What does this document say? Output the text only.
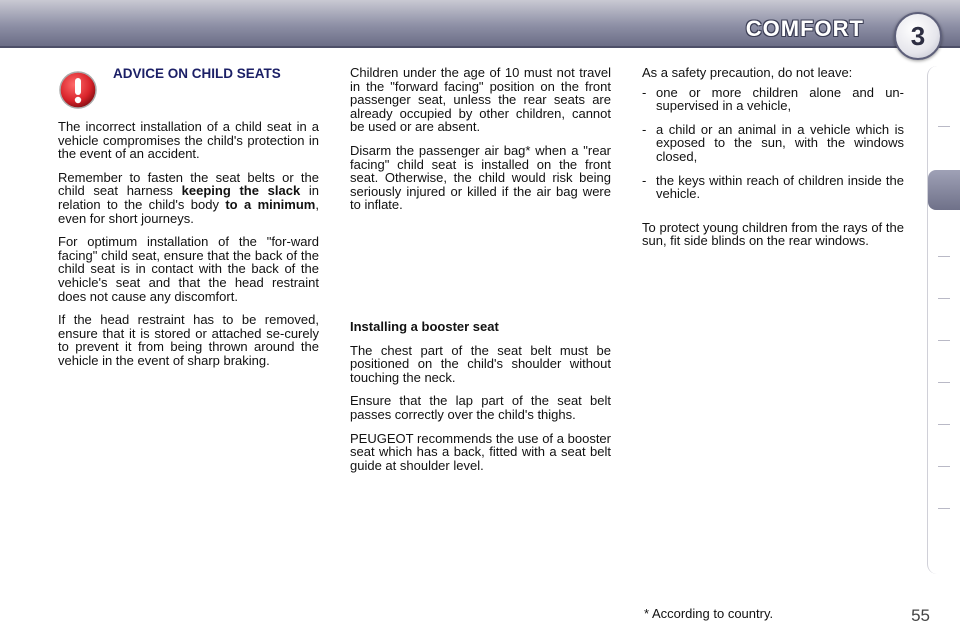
COMFORT	3
ADVICE ON CHILD SEATS

The incorrect installation of a child seat in a vehicle compromises the child's protection in the event of an accident.

Remember to fasten the seat belts or the child seat harness keeping the slack in relation to the child's body to a minimum, even for short journeys.

For optimum installation of the "for-ward facing" child seat, ensure that the back of the child seat is in contact with the back of the vehicle's seat and that the head restraint does not cause any discomfort.

If the head restraint has to be removed, ensure that it is stored or attached se-curely to prevent it from being thrown around the vehicle in the event of sharp braking.

Children under the age of 10 must not travel in the "forward facing" position on the front passenger seat, unless the rear seats are already occupied by other children, cannot be used or are absent.

Disarm the passenger air bag* when a "rear facing" child seat is installed on the front seat. Otherwise, the child would risk being seriously injured or killed if the air bag were to inflate.

Installing a booster seat

The chest part of the seat belt must be positioned on the child's shoulder without touching the neck.

Ensure that the lap part of the seat belt passes correctly over the child's thighs.

PEUGEOT recommends the use of a booster seat which has a back, fitted with a seat belt guide at shoulder level.

As a safety precaution, do not leave:

- one or more children alone and un-supervised in a vehicle,
- a child or an animal in a vehicle which is exposed to the sun, with the windows closed,
- the keys within reach of children inside the vehicle.

To protect young children from the rays of the sun, fit side blinds on the rear windows.

* According to country.	55
